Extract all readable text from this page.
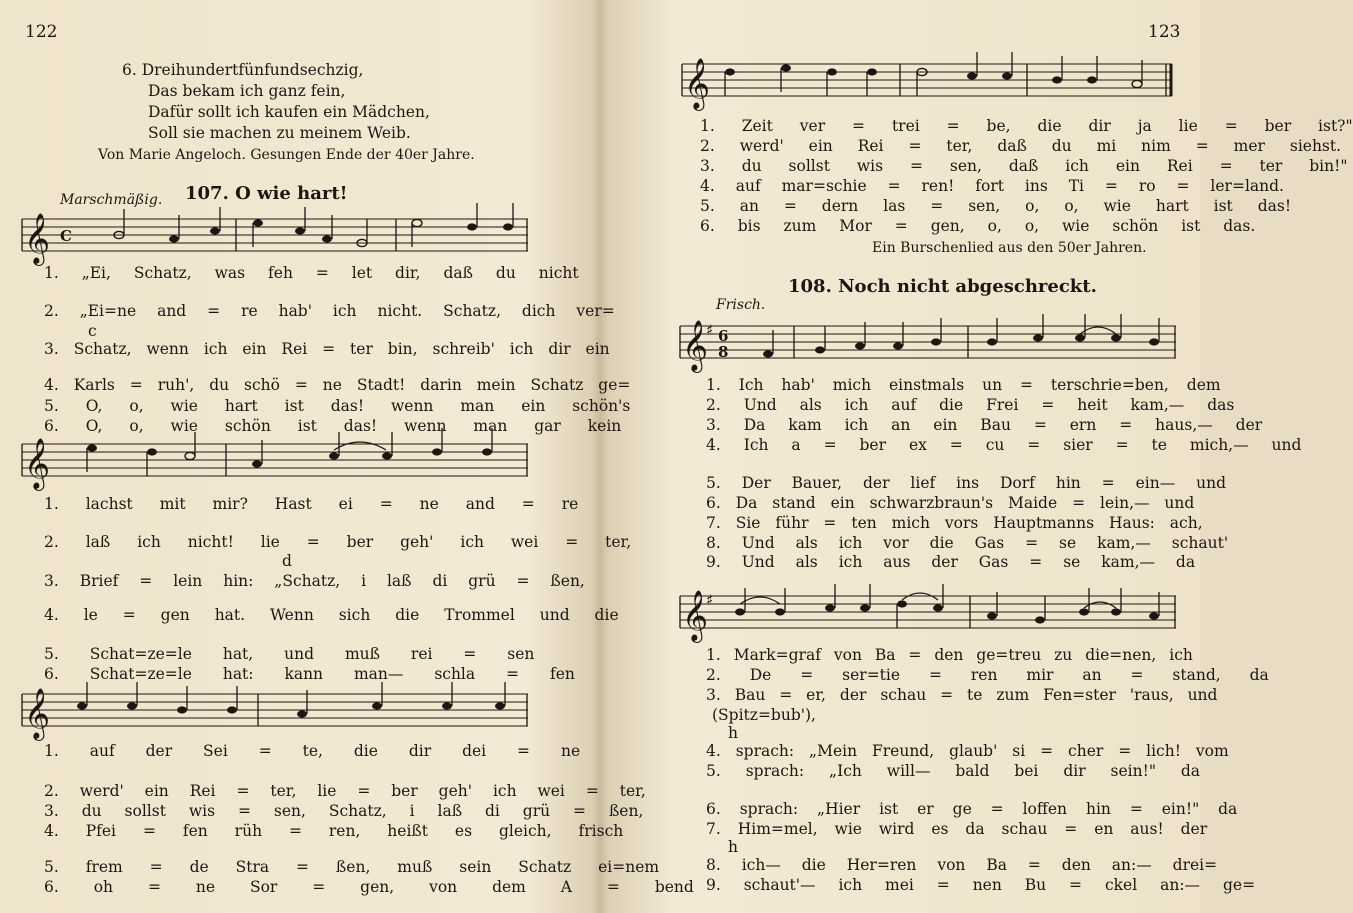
122
6. Dreihundertfünfundsechzig,
Das bekam ich ganz fein,
Dafür sollt ich kaufen ein Mädchen,
Soll sie machen zu meinem Weib.
Von Marie Angeloch. Gesungen Ende der 40er Jahre.
Marschmäßig. 107. O wie hart!
𝄞 C
1. „Ei, Schatz, was feh = let dir, daß du nicht
2. „Ei=ne and = re hab' ich nicht. Schatz, dich ver=
c
3. Schatz, wenn ich ein Rei = ter bin, schreib' ich dir ein
4. Karls = ruh', du schö = ne Stadt! darin mein Schatz ge=
5. O, o, wie hart ist das! wenn man ein schön's
6. O, o, wie schön ist das! wenn man gar kein
𝄞
1. lachst mit mir? Hast ei = ne and = re
2. laß ich nicht! lie = ber geh' ich wei = ter,
d
3. Brief = lein hin: „Schatz, i laß di grü = ßen,
4. le = gen hat. Wenn sich die Trommel und die
5. Schat=ze=le hat, und muß rei = sen
6. Schat=ze=le hat: kann man— schla = fen
𝄞
1. auf der Sei = te, die dir dei = ne
2. werd' ein Rei = ter, lie = ber geh' ich wei = ter,
3. du sollst wis = sen, Schatz, i laß di grü = ßen,
4. Pfei = fen rüh = ren, heißt es gleich, frisch
5. frem = de Stra = ßen, muß sein Schatz ei=nem
6. oh = ne Sor = gen, von dem A = bend
123
𝄞
1. Zeit ver = trei = be, die dir ja lie = ber ist?"
2. werd' ein Rei = ter, daß du mi nim = mer siehst.
3. du sollst wis = sen, daß ich ein Rei = ter bin!"
4. auf mar=schie = ren! fort ins Ti = ro = ler=land.
5. an = dern las = sen, o, o, wie hart ist das!
6. bis zum Mor = gen, o, o, wie schön ist das.
Ein Burschenlied aus den 50er Jahren.
108. Noch nicht abgeschreckt.
Frisch.
𝄞
♯ 6
8
1. Ich hab' mich einstmals un = terschrie=ben, dem
2. Und als ich auf die Frei = heit kam,— das
3. Da kam ich an ein Bau = ern = haus,— der
4. Ich a = ber ex = cu = sier = te mich,— und
5. Der Bauer, der lief ins Dorf hin = ein— und
6. Da stand ein schwarzbraun's Maide = lein,— und
7. Sie führ = ten mich vors Hauptmanns Haus: ach,
8. Und als ich vor die Gas = se kam,— schaut'
9. Und als ich aus der Gas = se kam,— da
𝄞
♯
1. Mark=graf von Ba = den ge=treu zu die=nen, ich
2. De = ser=tie = ren mir an = stand, da
3. Bau = er, der schau = te zum Fen=ster 'raus, und
(Spitz=bub'),
h
4. sprach: „Mein Freund, glaub' si = cher = lich! vom
5. sprach: „Ich will— bald bei dir sein!" da
6. sprach: „Hier ist er ge = loffen hin = ein!" da
7. Him=mel, wie wird es da schau = en aus! der
h
8. ich— die Her=ren von Ba = den an:— drei=
9. schaut'— ich mei = nen Bu = ckel an:— ge=
